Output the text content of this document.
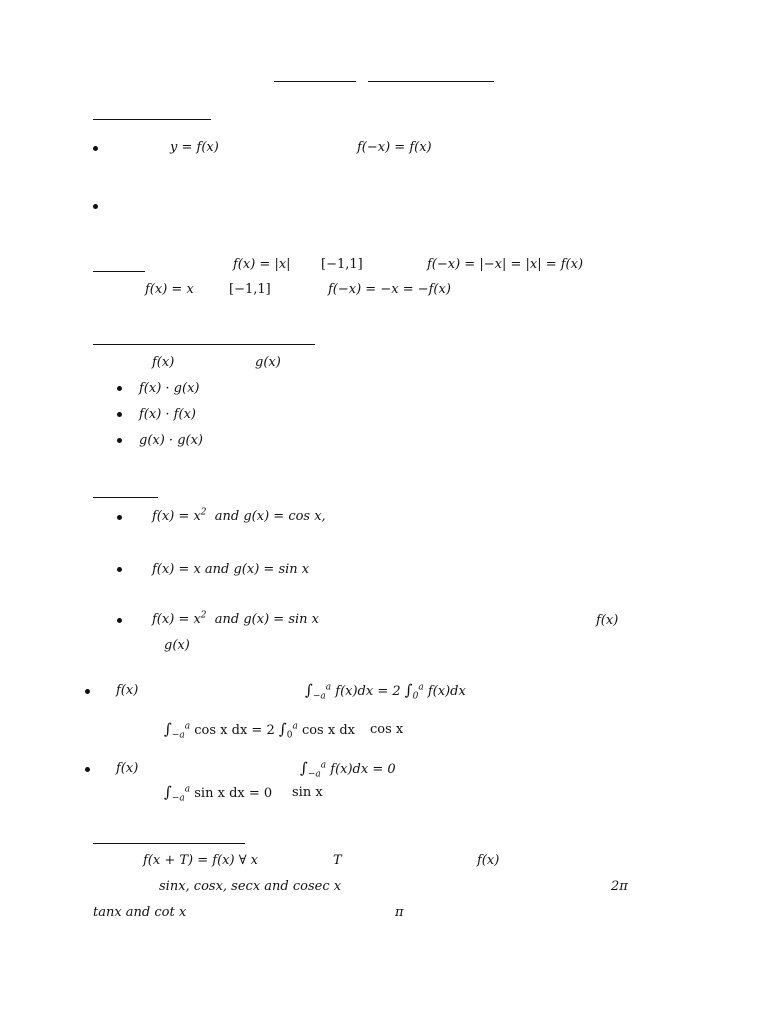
y = f(x)	f(−x) = f(x)
f(x) = |x| [−1,1]	f(−x) = |−x| = |x| = f(x)
f(x) = x	[−1,1]	f(−x) = −x = −f(x)
f(x)	g(x)
f(x) · g(x)
f(x) · f(x)
g(x) · g(x)
$f(x) = x^2$ and g(x) = cos x,
f(x) = x and g(x) = sin x
$f(x) = x^2$ and g(x) = sin x	f(x)
g(x)
f(x)	$\int_{-a}^a$ f(x)dx = 2 $\int_0^a$ f(x)dx
$\int_{-a}^a$ cos x dx = 2 $\int_0^a$ cos x dx cos x
f(x)	$\int_{-a}^a$ f(x)dx = 0
$\int_{-a}^a$ sin x dx = 0 sin x
f(x + T) = f(x) ∀ x	T	f(x)
sinx, cosx, secx and cosec x	2π
tanx and cot x	π
